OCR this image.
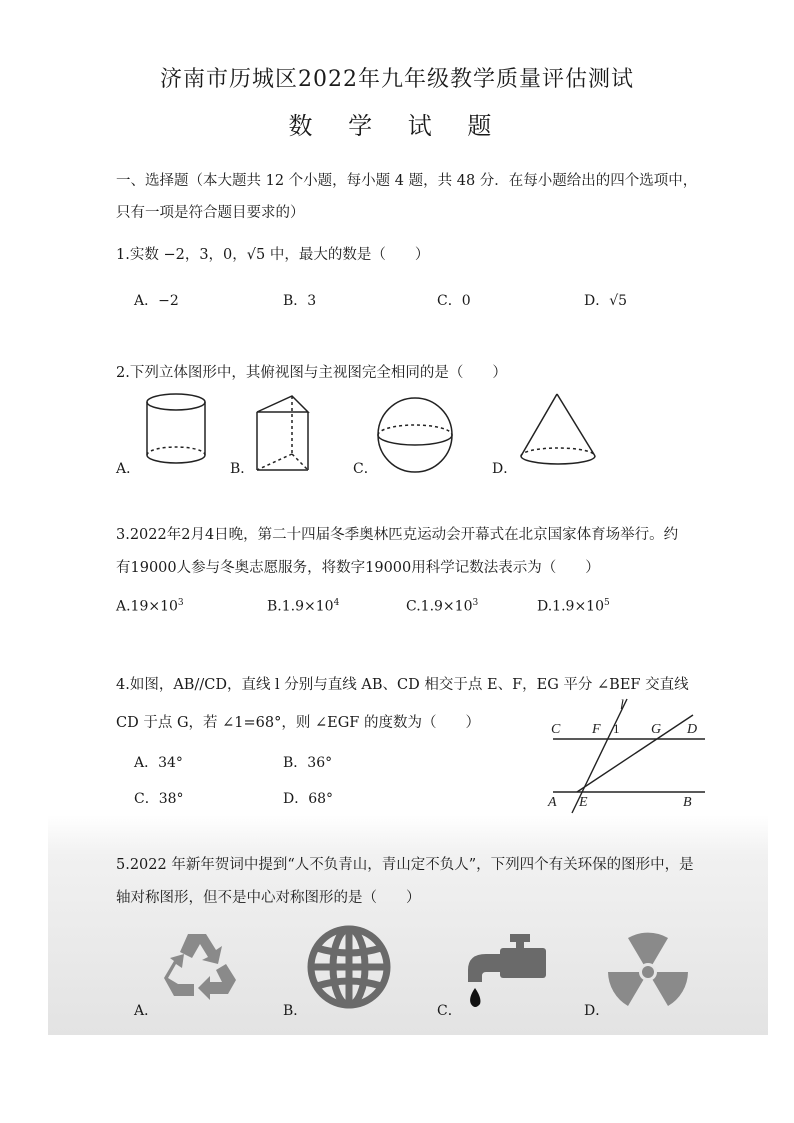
济南市历城区2022年九年级教学质量评估测试
数 学 试 题
一、选择题（本大题共 12 个小题，每小题 4 题，共 48 分．在每小题给出的四个选项中，
只有一项是符合题目要求的）
1.实数 −2，3，0，√5 中，最大的数是（　　）
A．−2	B．3	C．0	D．√5
2.下列立体图形中，其俯视图与主视图完全相同的是（　　）
A．	B．	C．	D．
3.2022年2月4日晚，第二十四届冬季奥林匹克运动会开幕式在北京国家体育场举行。约
有19000人参与冬奥志愿服务，将数字19000用科学记数法表示为（　　）
$A.19\times 10^3$	$B.1.9\times 10^4$	$C.1.9\times 10^3$	$D.1.9\times 10^5$
4.如图，AB//CD，直线 l 分别与直线 AB、CD 相交于点 E、F，EG 平分 ∠BEF 交直线
CD 于点 G，若 ∠1=68°，则 ∠EGF 的度数为（　　）
A．34°	B．36°
C．38°	D．68°
C F 1 G D
l
A E	B
5.2022 年新年贺词中提到“人不负青山，青山定不负人”，下列四个有关环保的图形中，是
轴对称图形，但不是中心对称图形的是（　　）
A．	B．	C．	D．
